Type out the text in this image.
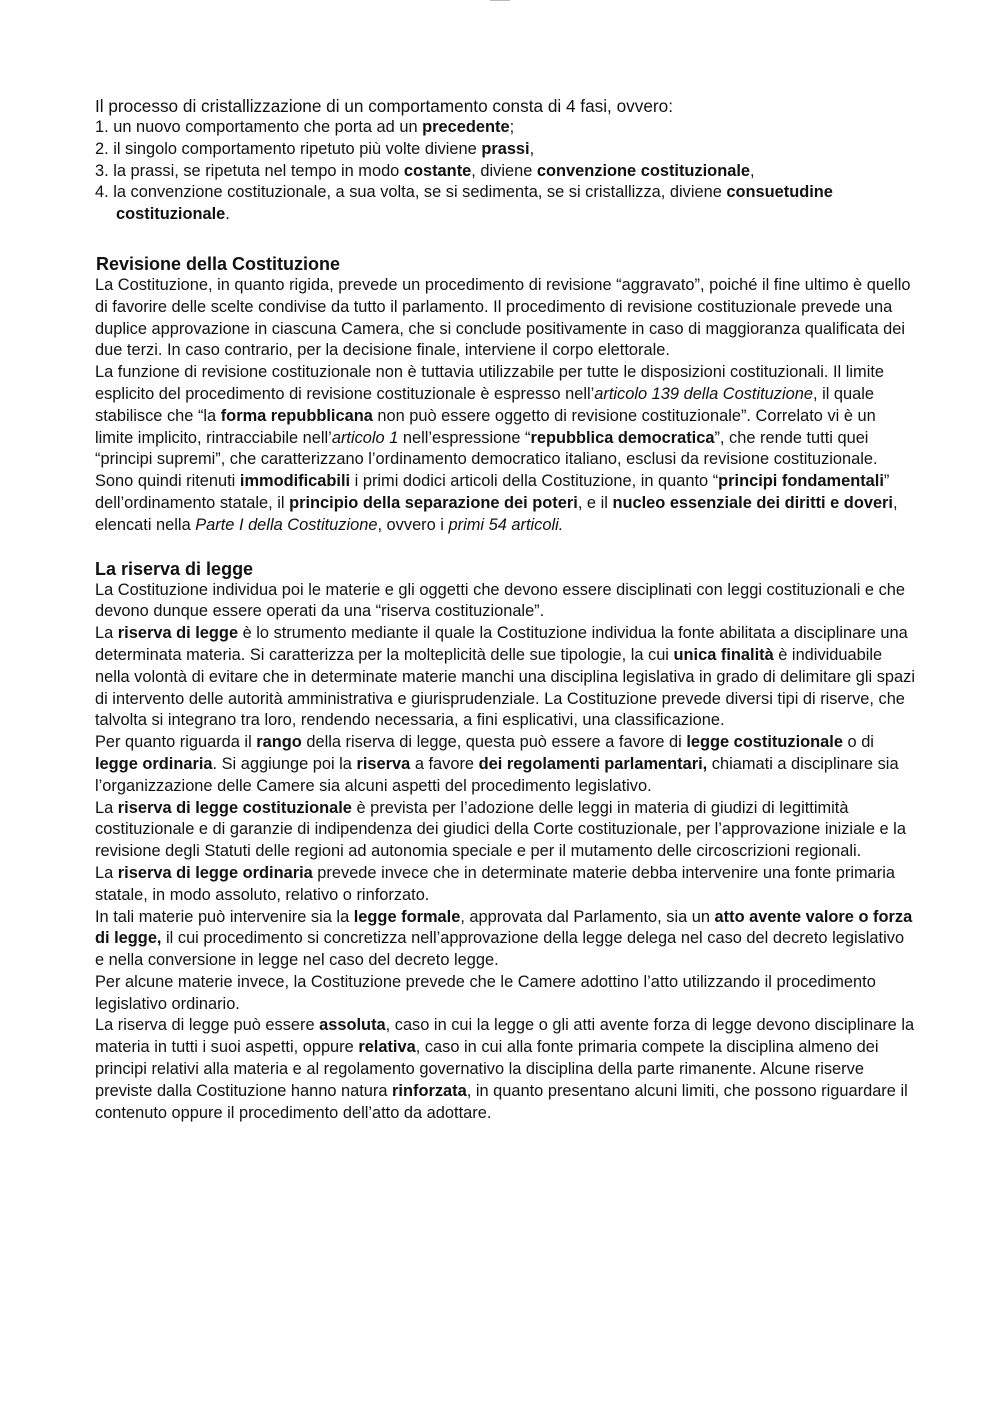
Il processo di cristallizzazione di un comportamento consta di 4 fasi, ovvero:

1. un nuovo comportamento che porta ad un precedente;
2. il singolo comportamento ripetuto più volte diviene prassi,
3. la prassi, se ripetuta nel tempo in modo costante, diviene convenzione costituzionale,
4. la convenzione costituzionale, a sua volta, se si sedimenta, se si cristallizza, diviene consuetudine costituzionale.
Revisione della Costituzione

La Costituzione, in quanto rigida, prevede un procedimento di revisione “aggravato”, poiché il fine ultimo è quello di favorire delle scelte condivise da tutto il parlamento. Il procedimento di revisione costituzionale prevede una duplice approvazione in ciascuna Camera, che si conclude positivamente in caso di maggioranza qualificata dei due terzi. In caso contrario, per la decisione finale, interviene il corpo elettorale.

La funzione di revisione costituzionale non è tuttavia utilizzabile per tutte le disposizioni costituzionali. Il limite esplicito del procedimento di revisione costituzionale è espresso nell’articolo 139 della Costituzione, il quale stabilisce che “la forma repubblicana non può essere oggetto di revisione costituzionale”. Correlato vi è un limite implicito, rintracciabile nell’articolo 1 nell’espressione “repubblica democratica”, che rende tutti quei “principi supremi”, che caratterizzano l’ordinamento democratico italiano, esclusi da revisione costituzionale.

Sono quindi ritenuti immodificabili i primi dodici articoli della Costituzione, in quanto “principi fondamentali” dell’ordinamento statale, il principio della separazione dei poteri, e il nucleo essenziale dei diritti e doveri, elencati nella Parte I della Costituzione, ovvero i primi 54 articoli.

La riserva di legge

La Costituzione individua poi le materie e gli oggetti che devono essere disciplinati con leggi costituzionali e che devono dunque essere operati da una “riserva costituzionale”.

La riserva di legge è lo strumento mediante il quale la Costituzione individua la fonte abilitata a disciplinare una determinata materia. Si caratterizza per la molteplicità delle sue tipologie, la cui unica finalità è individuabile nella volontà di evitare che in determinate materie manchi una disciplina legislativa in grado di delimitare gli spazi di intervento delle autorità amministrativa e giurisprudenziale. La Costituzione prevede diversi tipi di riserve, che talvolta si integrano tra loro, rendendo necessaria, a fini esplicativi, una classificazione.

Per quanto riguarda il rango della riserva di legge, questa può essere a favore di legge costituzionale o di legge ordinaria. Si aggiunge poi la riserva a favore dei regolamenti parlamentari, chiamati a disciplinare sia l’organizzazione delle Camere sia alcuni aspetti del procedimento legislativo.

La riserva di legge costituzionale è prevista per l’adozione delle leggi in materia di giudizi di legittimità costituzionale e di garanzie di indipendenza dei giudici della Corte costituzionale, per l’approvazione iniziale e la revisione degli Statuti delle regioni ad autonomia speciale e per il mutamento delle circoscrizioni regionali.

La riserva di legge ordinaria prevede invece che in determinate materie debba intervenire una fonte primaria statale, in modo assoluto, relativo o rinforzato.

In tali materie può intervenire sia la legge formale, approvata dal Parlamento, sia un atto avente valore o forza di legge, il cui procedimento si concretizza nell’approvazione della legge delega nel caso del decreto legislativo e nella conversione in legge nel caso del decreto legge.

Per alcune materie invece, la Costituzione prevede che le Camere adottino l’atto utilizzando il procedimento legislativo ordinario.

La riserva di legge può essere assoluta, caso in cui la legge o gli atti avente forza di legge devono disciplinare la materia in tutti i suoi aspetti, oppure relativa, caso in cui alla fonte primaria compete la disciplina almeno dei principi relativi alla materia e al regolamento governativo la disciplina della parte rimanente. Alcune riserve previste dalla Costituzione hanno natura rinforzata, in quanto presentano alcuni limiti, che possono riguardare il contenuto oppure il procedimento dell’atto da adottare.
